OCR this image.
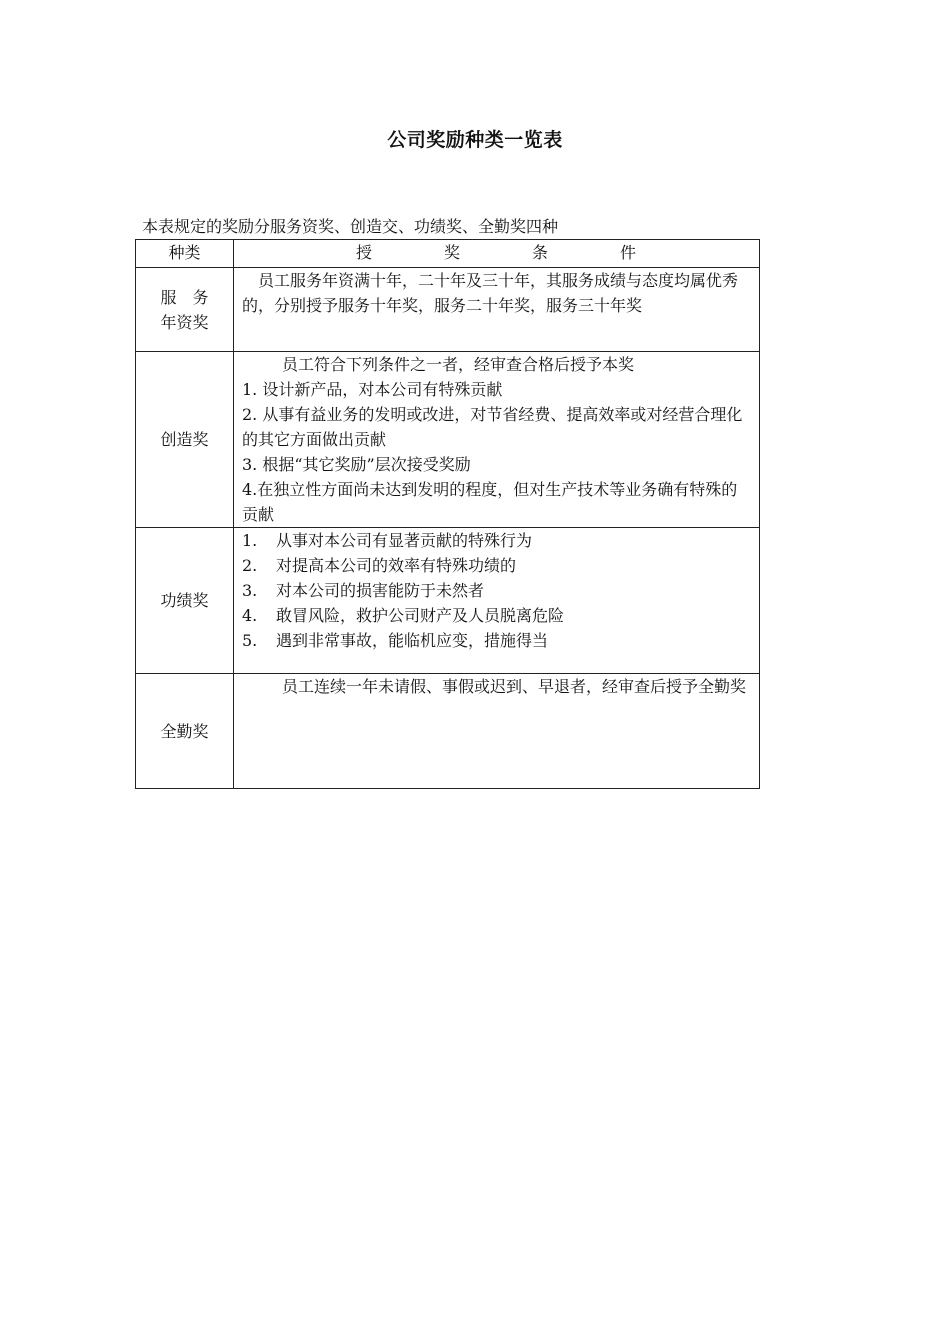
公司奖励种类一览表
本表规定的奖励分服务资奖、创造交、功绩奖、全勤奖四种
种类	授 奖 条 件

服　务
年资奖	员工服务年资满十年，二十年及三十年，其服务成绩与态度均属优秀的，分别授予服务十年奖，服务二十年奖，服务三十年奖

创造奖	员工符合下列条件之一者，经审查合格后授予本奖
1. 设计新产品，对本公司有特殊贡献
2. 从事有益业务的发明或改进，对节省经费、提高效率或对经营合理化的其它方面做出贡献
3. 根据“其它奖励”层次接受奖励
4.在独立性方面尚未达到发明的程度，但对生产技术等业务确有特殊的贡献

功绩奖	1. 从事对本公司有显著贡献的特殊行为
2. 对提高本公司的效率有特殊功绩的
3. 对本公司的损害能防于未然者
4. 敢冒风险，救护公司财产及人员脱离危险
5. 遇到非常事故，能临机应变，措施得当

全勤奖	员工连续一年未请假、事假或迟到、早退者，经审查后授予全勤奖
